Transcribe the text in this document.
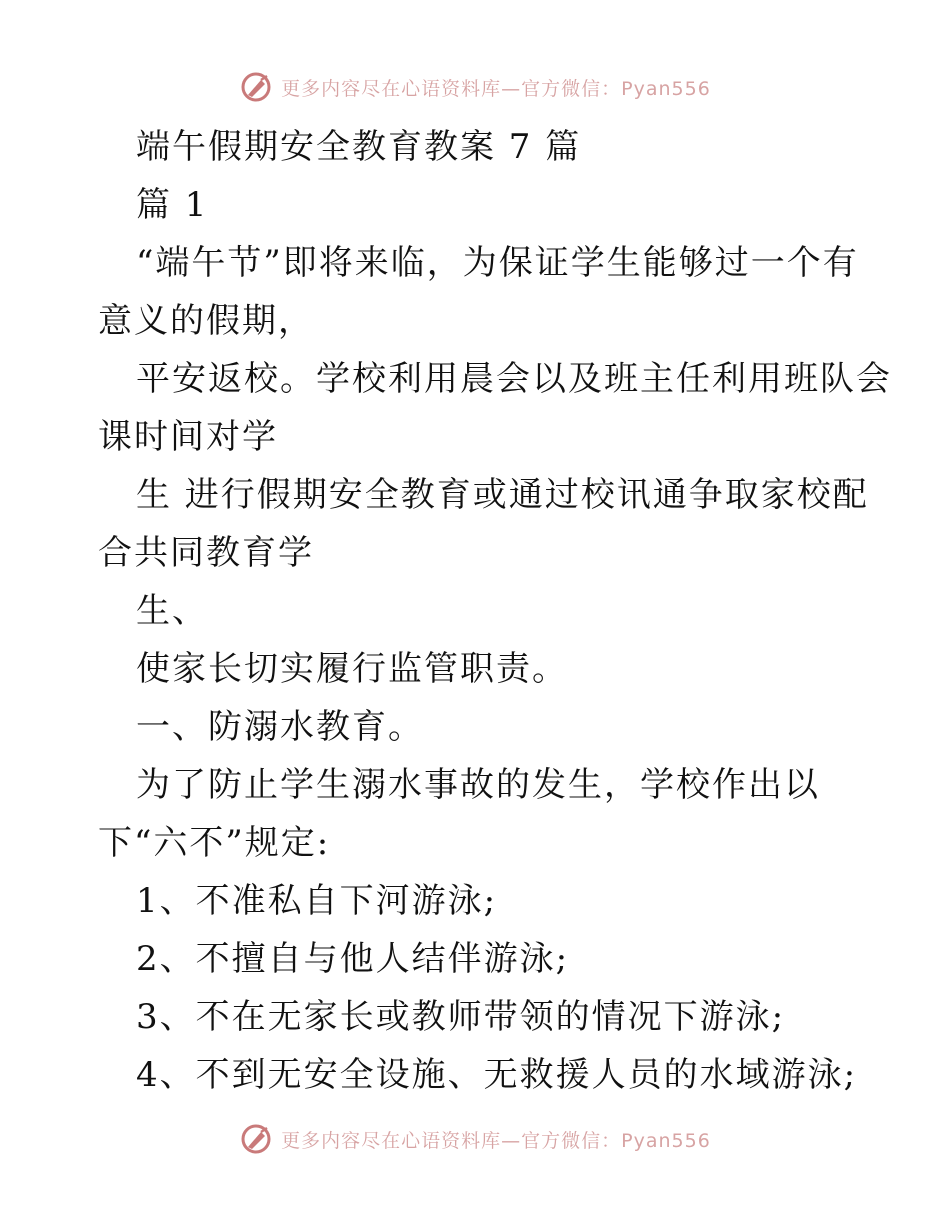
更多内容尽在心语资料库—官方微信：Pyan556
端午假期安全教育教案 7 篇
篇 1
“端午节”即将来临，为保证学生能够过一个有
意义的假期，
平安返校。学校利用晨会以及班主任利用班队会
课时间对学
生 进行假期安全教育或通过校讯通争取家校配
合共同教育学
生、
使家长切实履行监管职责。
一、防溺水教育。
为了防止学生溺水事故的发生，学校作出以
下“六不”规定:
1、不准私自下河游泳;
2、不擅自与他人结伴游泳;
3、不在无家长或教师带领的情况下游泳;
4、不到无安全设施、无救援人员的水域游泳;
更多内容尽在心语资料库—官方微信：Pyan556
